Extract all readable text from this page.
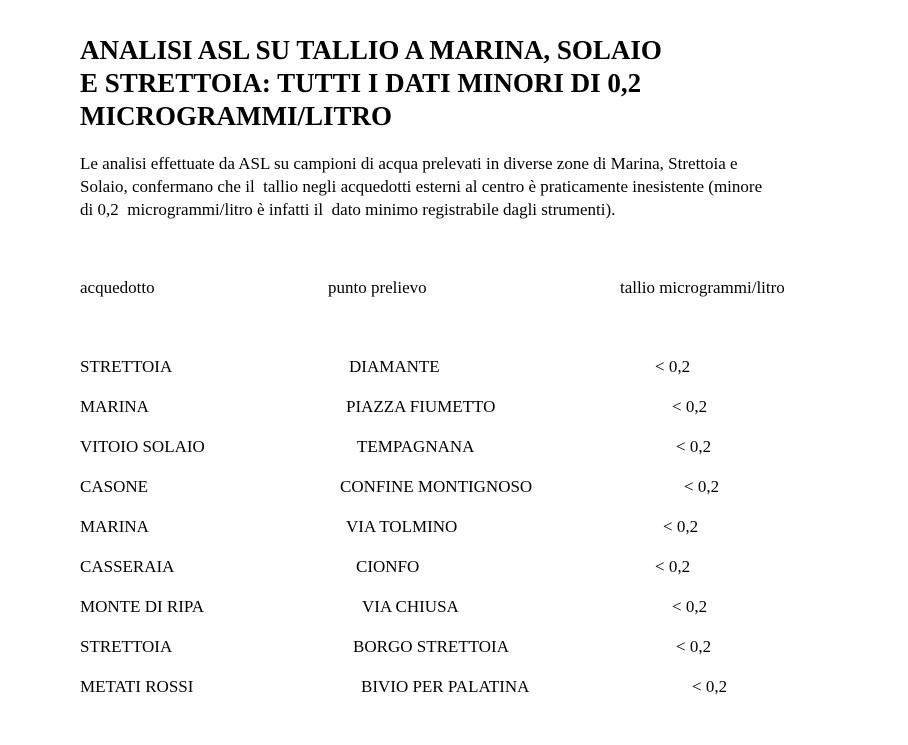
ANALISI ASL SU TALLIO A MARINA, SOLAIO
E STRETTOIA: TUTTI I DATI MINORI DI 0,2
MICROGRAMMI/LITRO

Le analisi effettuate da ASL su campioni di acqua prelevati in diverse zone di Marina, Strettoia e
Solaio, confermano che il  tallio negli acquedotti esterni al centro è praticamente inesistente (minore
di 0,2  microgrammi/litro è infatti il  dato minimo registrabile dagli strumenti).

acquedotto	punto prelievo	tallio microgrammi/litro
STRETTOIA	DIAMANTE	< 0,2
MARINA	PIAZZA FIUMETTO	< 0,2
VITOIO SOLAIO	TEMPAGNANA	< 0,2
CASONE	CONFINE MONTIGNOSO	< 0,2
MARINA	VIA TOLMINO	< 0,2
CASSERAIA	CIONFO	< 0,2
MONTE DI RIPA	VIA CHIUSA	< 0,2
STRETTOIA	BORGO STRETTOIA	< 0,2
METATI ROSSI	BIVIO PER PALATINA	< 0,2
